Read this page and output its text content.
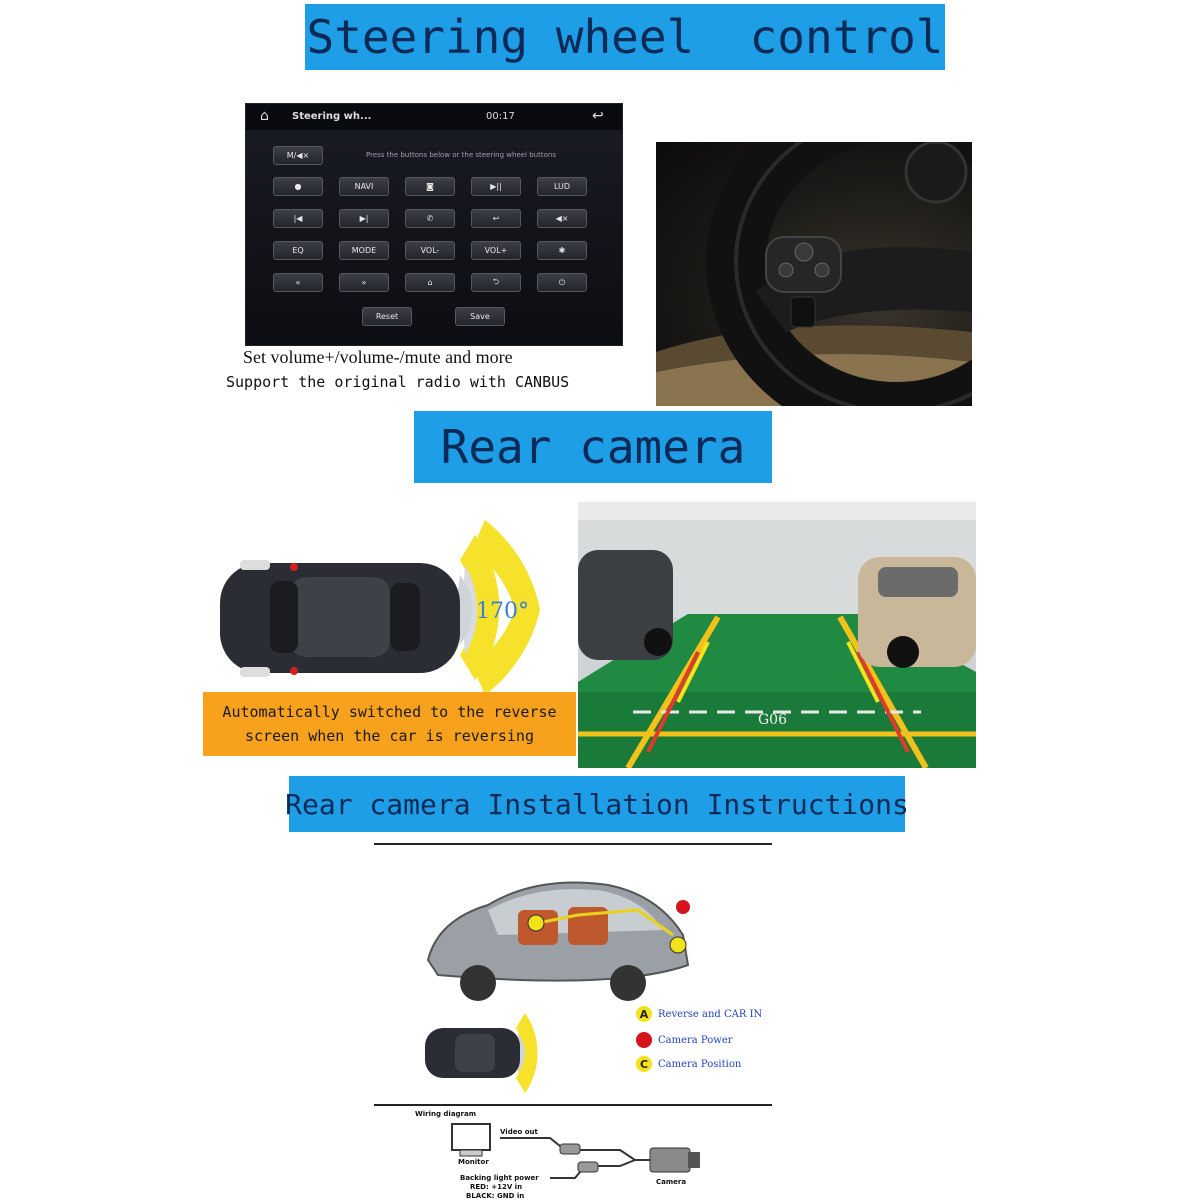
Steering wheel  control
Rear camera
Rear camera Installation Instructions
⌂ Steering wh...	00:17	↩
M/◀×	Press the buttons below or the steering wheel buttons
●	NAVI	◙	▶||	LUD
|◀	▶|	✆	↩	◀×
EQ	MODE	VOL-	VOL+	✱
«	»	⌂	⮌	⏻
Reset	Save
Set volume+/volume-/mute and more
Support the original radio with CANBUS
170°
Automatically switched to the reverse
screen when the car is reversing
G06
A Reverse and CAR IN
B Camera Power
C Camera Position
Wiring diagram
Monitor
Video out
Backing light power
RED: +12V in
BLACK: GND in
Camera
